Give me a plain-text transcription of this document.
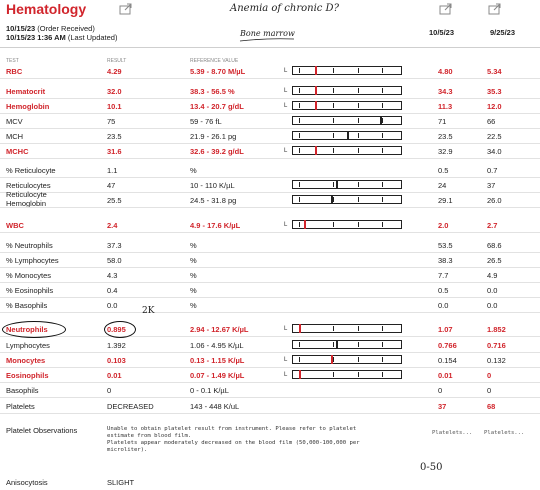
Hematology	Anemia of chronic D?
Bone marrow
10/15/23 (Order Received)
10/15/23 1:36 AM (Last Updated)
10/5/23	9/25/23
TEST	RESULT	REFERENCE VALUE
RBC	4.29	5.39 - 8.70 M/µL	L	4.80	5.34
Hematocrit	32.0	38.3 - 56.5 %	L	34.3	35.3
Hemoglobin	10.1	13.4 - 20.7 g/dL	L	11.3	12.0
MCV	75	59 - 76 fL	71	66
MCH	23.5	21.9 - 26.1 pg	23.5	22.5
MCHC	31.6	32.6 - 39.2 g/dL	L	32.9	34.0
% Reticulocyte	1.1	%	0.5	0.7
Reticulocytes	47	10 - 110 K/µL	24	37
Reticulocyte Hemoglobin	25.5	24.5 - 31.8 pg	29.1	26.0
WBC	2.4	4.9 - 17.6 K/µL	L	2.0	2.7
% Neutrophils	37.3	%	53.5	68.6
% Lymphocytes	58.0	%	38.3	26.5
% Monocytes	4.3	%	7.7	4.9
% Eosinophils	0.4	%	0.5	0.0
% Basophils	0.0	%	0.0	0.0
Neutrophils	0.895	2.94 - 12.67 K/µL	L	1.07	1.852
Lymphocytes	1.392	1.06 - 4.95 K/µL	0.766	0.716
Monocytes	0.103	0.13 - 1.15 K/µL	L	0.154	0.132
Eosinophils	0.01	0.07 - 1.49 K/µL	L	0.01	0
Basophils	0	0 - 0.1 K/µL	0	0
Platelets	DECREASED	143 - 448 K/uL	37	68
Platelet Observations	Unable to obtain platelet result from instrument. Please refer to platelet
estimate from blood film.
Platelets appear moderately decreased on the blood film (50,000-100,000 per
microliter).
Platelets... Platelets...
0-50
Anisocytosis	SLIGHT
2K
